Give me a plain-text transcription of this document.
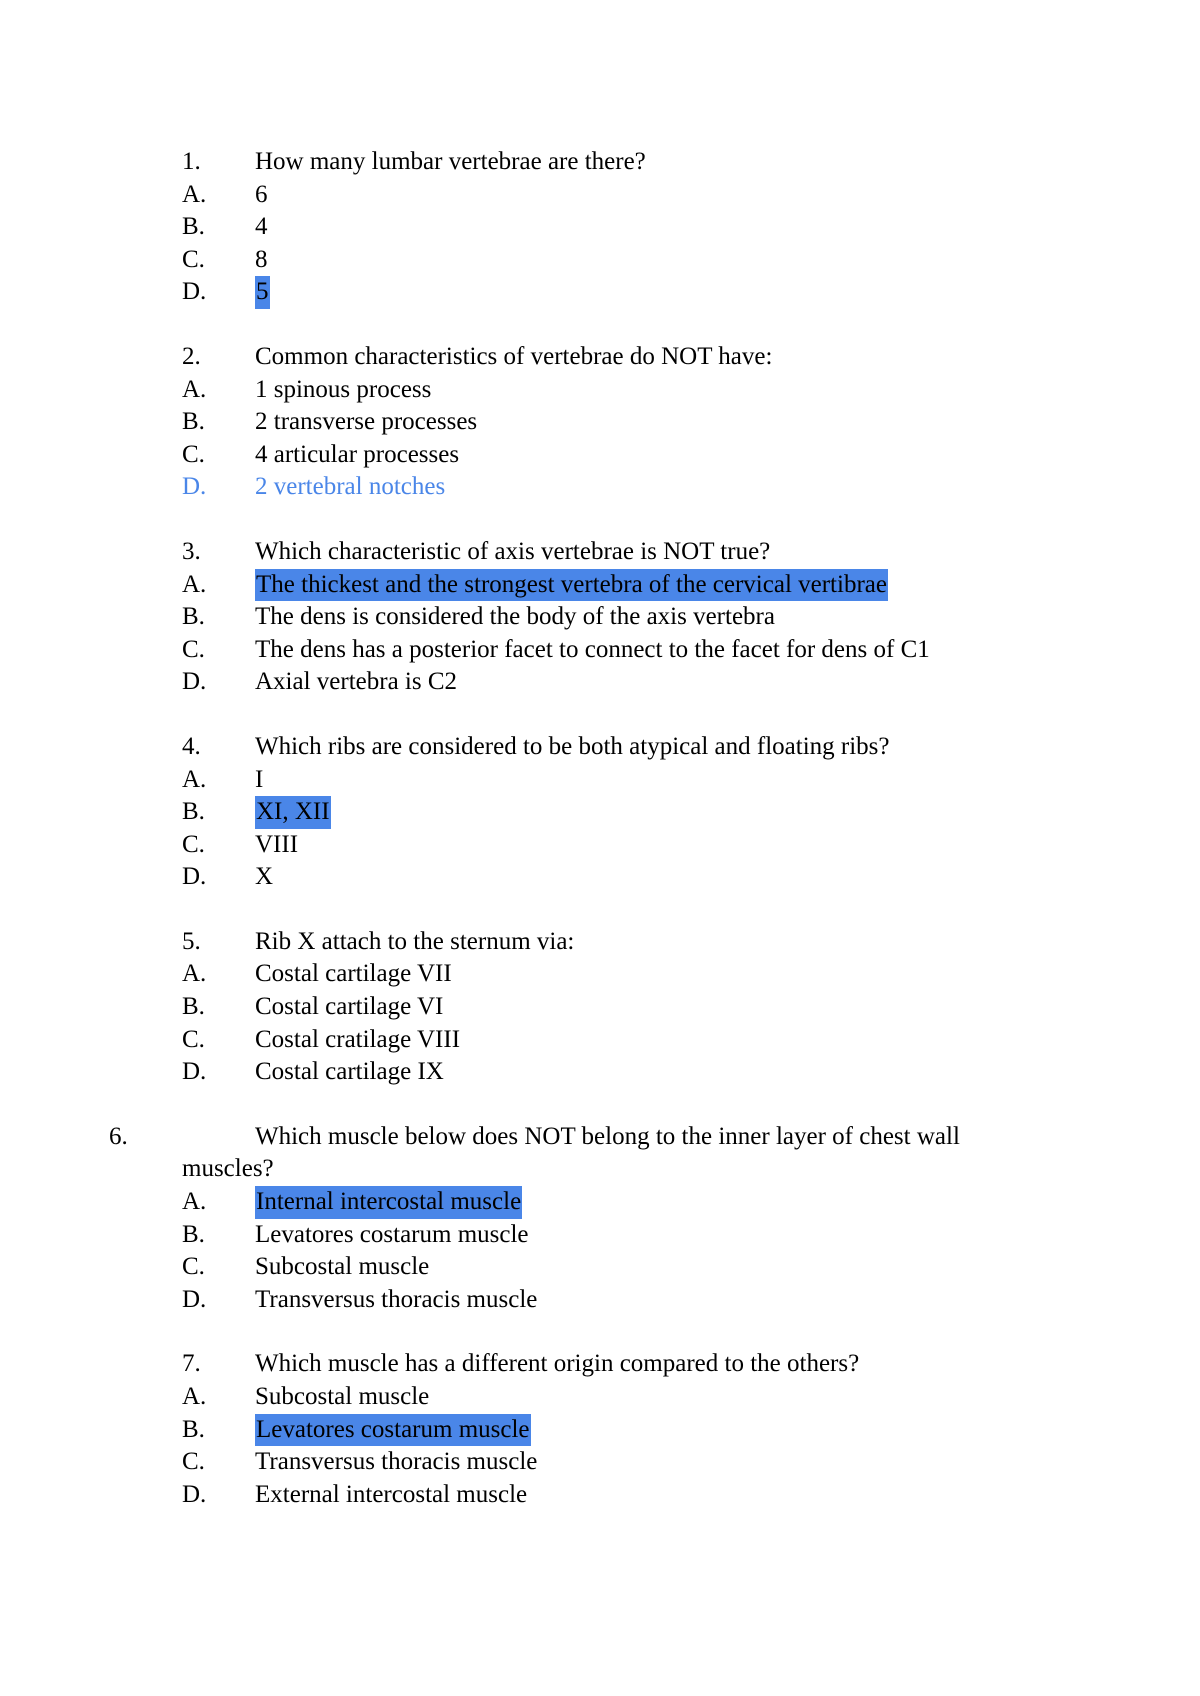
1.	How many lumbar vertebrae are there?
A.	6
B.	4
C.	8
D.	5
2.	Common characteristics of vertebrae do NOT have:
A.	1 spinous process
B.	2 transverse processes
C.	4 articular processes
D.	2 vertebral notches
3.	Which characteristic of axis vertebrae is NOT true?
A.	The thickest and the strongest vertebra of the cervical vertibrae
B.	The dens is considered the body of the axis vertebra
C.	The dens has a posterior facet to connect to the facet for dens of C1
D.	Axial vertebra is C2
4.	Which ribs are considered to be both atypical and floating ribs?
A.	I
B.	XI, XII
C.	VIII
D.	X
5.	Rib X attach to the sternum via:
A.	Costal cartilage VII
B.	Costal cartilage VI
C.	Costal cratilage VIII
D.	Costal cartilage IX
6.	Which muscle below does NOT belong to the inner layer of chest wall muscles?
A.	Internal intercostal muscle
B.	Levatores costarum muscle
C.	Subcostal muscle
D.	Transversus thoracis muscle
7.	Which muscle has a different origin compared to the others?
A.	Subcostal muscle
B.	Levatores costarum muscle
C.	Transversus thoracis muscle
D.	External intercostal muscle
